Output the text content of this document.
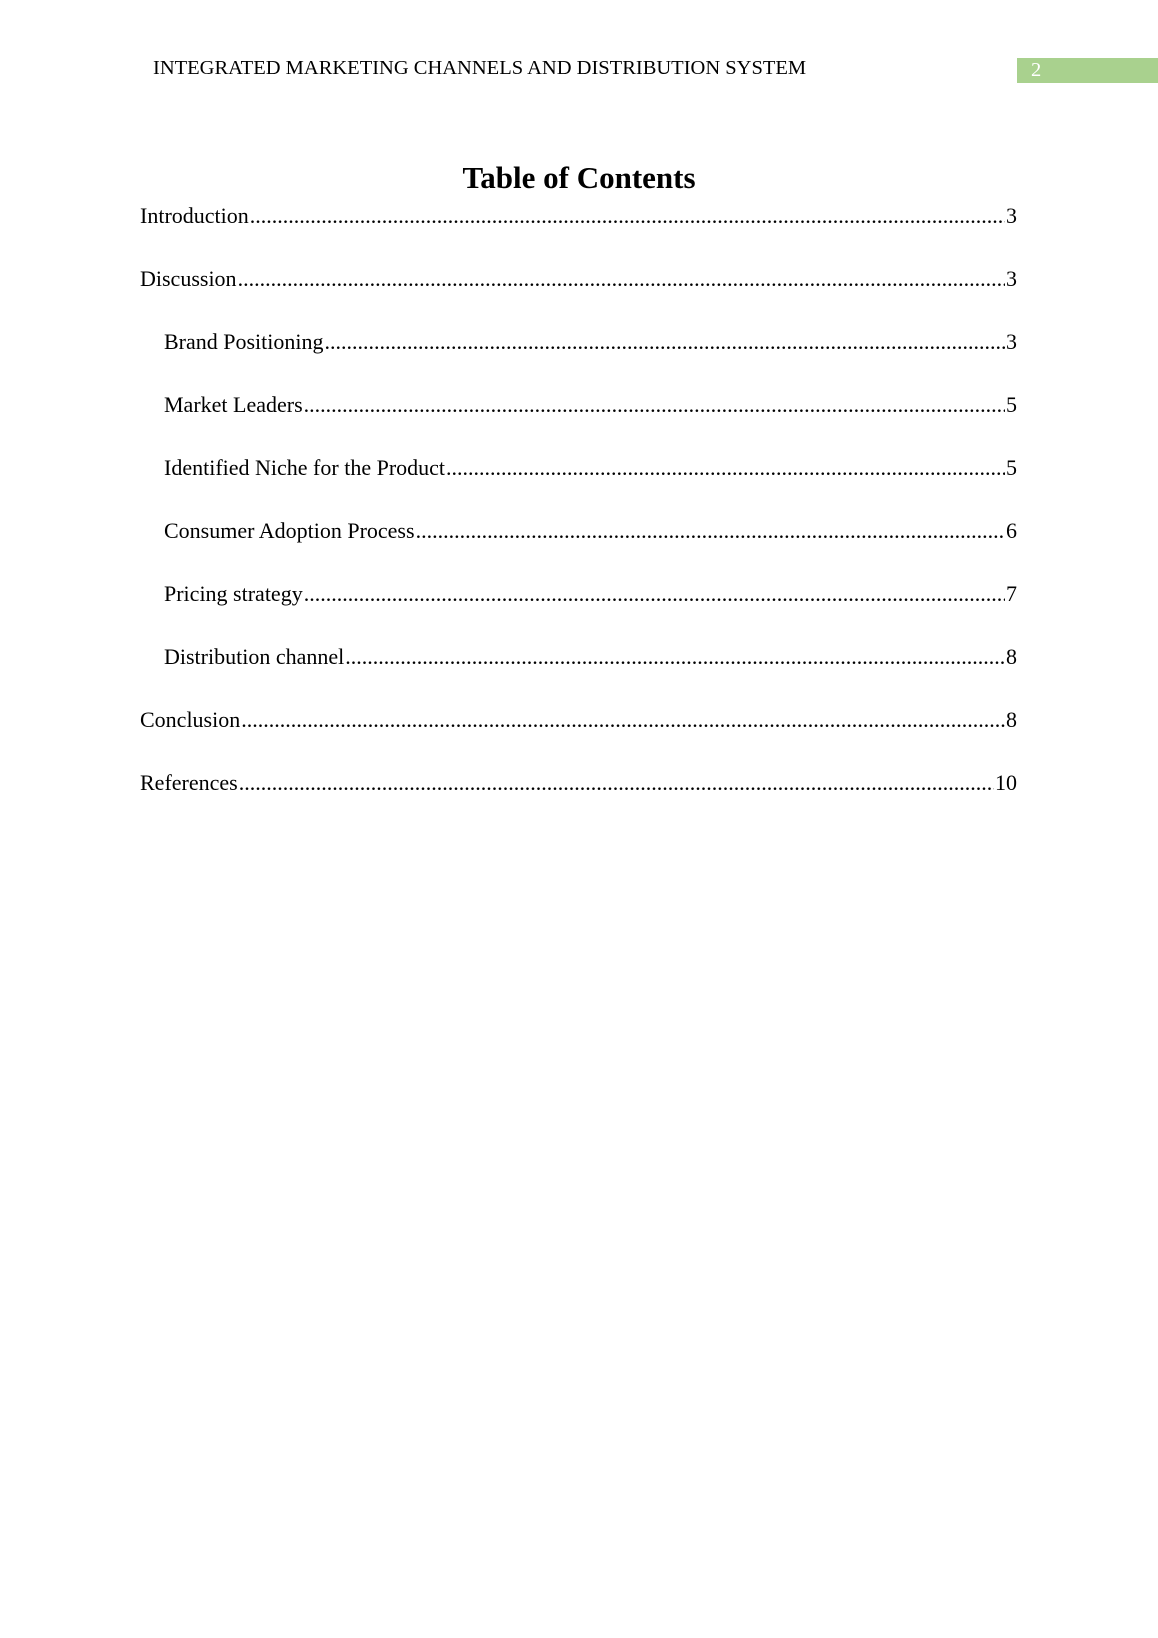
INTEGRATED MARKETING CHANNELS AND DISTRIBUTION SYSTEM	2
Table of Contents
Introduction .....	3
Discussion .....	3
Brand Positioning .....	3
Market Leaders .....	5
Identified Niche for the Product .....	5
Consumer Adoption Process .....	6
Pricing strategy .....	7
Distribution channel .....	8
Conclusion .....	8
References .....	10
